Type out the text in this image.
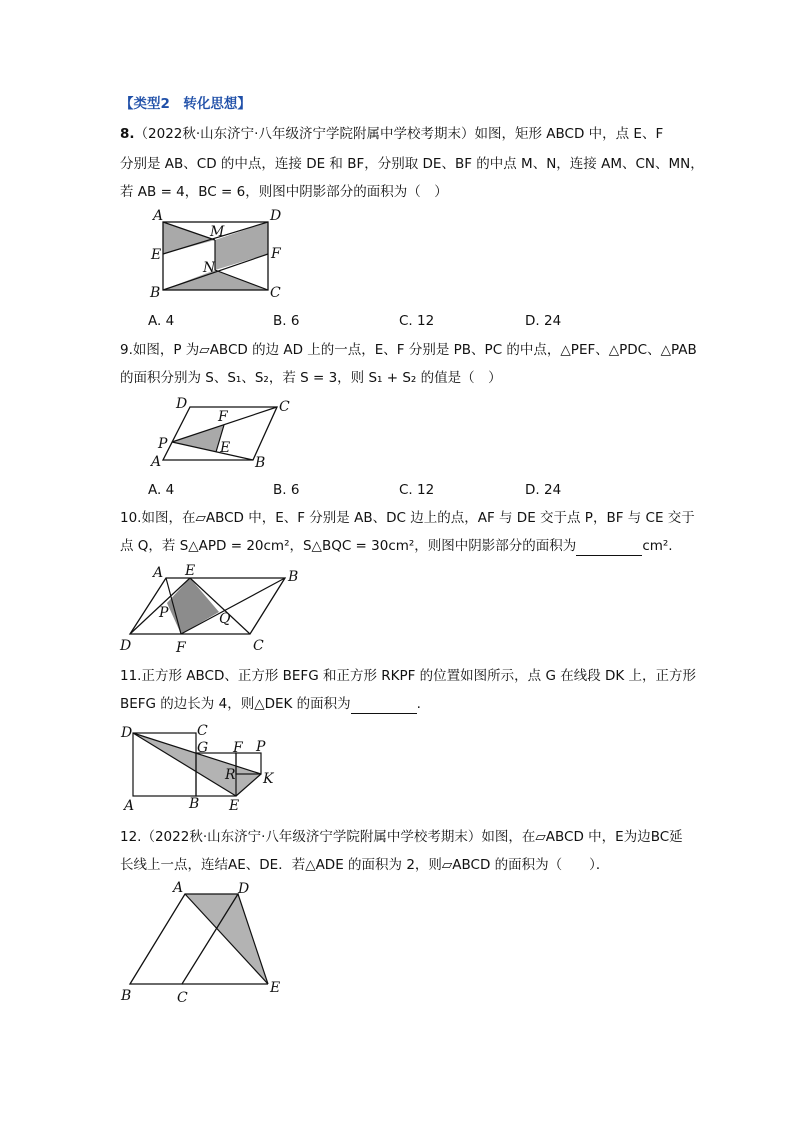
【类型2　转化思想】
8.（2022秋·山东济宁·八年级济宁学院附属中学校考期末）如图，矩形 ABCD 中，点 E、F
分别是 AB、CD 的中点，连接 DE 和 BF，分别取 DE、BF 的中点 M、N，连接 AM、CN、MN，
若 AB = 4，BC = 6，则图中阴影部分的面积为（　）
A	D
M
E	F
N
B	C
A. 4	B. 6	C. 12	D. 24
9.如图，P 为▱ABCD 的边 AD 上的一点，E、F 分别是 PB、PC 的中点，△PEF、△PDC、△PAB
的面积分别为 S、S₁、S₂，若 S = 3，则 S₁ + S₂ 的值是（　）
D	C
F
P	E
A	B
A. 4	B. 6	C. 12	D. 24
10.如图，在▱ABCD 中，E、F 分别是 AB、DC 边上的点，AF 与 DE 交于点 P，BF 与 CE 交于
点 Q，若 S△APD = 20cm²，S△BQC = 30cm²，则图中阴影部分的面积为	cm².
A E	B
P	Q
D	F	C
11.正方形 ABCD、正方形 BEFG 和正方形 RKPF 的位置如图所示，点 G 在线段 DK 上，正方形
BEFG 的边长为 4，则△DEK 的面积为	.
D	C
G F P
R K
A	B E
12.（2022秋·山东济宁·八年级济宁学院附属中学校考期末）如图，在▱ABCD 中，E为边BC延
长线上一点，连结AE、DE．若△ADE 的面积为 2，则▱ABCD 的面积为（　　）．
A	D
B	C
E
